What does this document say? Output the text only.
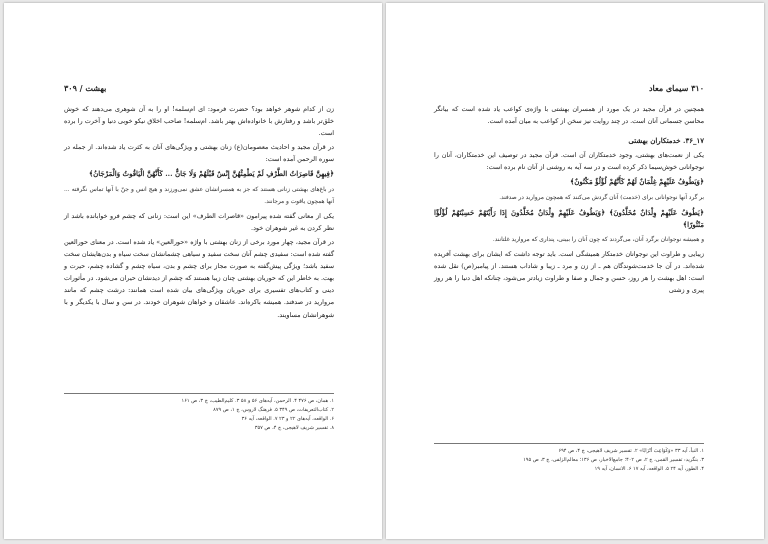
بهشت / ۳۰۹

زن از کدام شوهر خواهد بود؟ حضرت فرمود: ای ام‌سلمه! او را به آن شوهری می‌دهند که خوش خلق‌تر باشد و رفتارش با خانواده‌اش بهتر باشد. ام‌سلمه! صاحب اخلاق نیکو خوبی دنیا و آخرت را برده است.

در قرآن مجید و احادیث معصومان(ع) زنان بهشتی و ویژگی‌های آنان به کثرت یاد شده‌اند. از جمله در سوره الرحمن آمده است:

﴿فِيهِنَّ قَاصِرَاتُ الطَّرْفِ لَمْ يَطْمِثْهُنَّ إِنْسٌ قَبْلَهُمْ وَلَا جَانٌّ ... كَأَنَّهُنَّ الْيَاقُوتُ وَالْمَرْجَانُ﴾

در باغ‌های بهشتی زنانی هستند که جز به همسرانشان عشق نمی‌ورزند و هیچ انس و جنّ با آنها تماس نگرفته ... آنها همچون یاقوت و مرجانند.

یکی از معانی گفته شده پیرامون «قاصرات الطرف» این است: زنانی که چشم فرو خوابانده باشد از نظر کردن به غیر شوهران خود.

در قرآن مجید، چهار مورد برخی از زنان بهشتی با واژه «حورالعین» یاد شده است. در معنای حورالعین گفته شده است: سفیدی چشم آنان سخت سفید و سیاهی چشمانشان سخت سیاه و بدن‌هایشان سخت سفید باشد؛ ویژگی پیش‌گفته به صورت مجاز برای چشم و بدن، سیاه چشم و گشاده چشم، حیرت و بهت. به خاطر این که حوریان بهشتی چنان زیبا هستند که چشم از دیدنشان حیران می‌شود. در مأثورات دینی و کتاب‌های تفسیری برای حوریان ویژگی‌های بیان شده است همانند: درشت چشم که مانند مروارید در صدفند. همیشه باکره‌اند. عاشقان و خواهان شوهران خودند. در سن و سال با یکدیگر و با شوهرانشان مساویند.

۱. همان، ص ۴۷۶ ۴. الرحمن، آیه‌های ۵۶ و ۵۸ ۳. کلیم‌الطیب، ج ۳، ص ۱۶۱
۲. کتاب‌التعریفات، ص ۳۴۹ ۵. فرهنگ لاروس، ج ۱، ص ۸۷۹
۶. الواقعه، آیه‌های ۲۲ و ۲۳ ۷. الواقعه، آیه ۳۶
۸. تفسیر شریف لاهیجی، ج ۴، ص ۳۵۷
۳۱۰ سیمای معاد

همچنین در قرآن مجید در یک مورد از همسران بهشتی با واژه‌ی کواعب یاد شده است که بیانگر محاسن جسمانی آنان است. در چند روایت نیز سخن از کواعب به میان آمده است.

۱۷_۳۶. خدمتکاران بهشتی

یکی از نعمت‌های بهشتی، وجود خدمتکاران آن است. قرآن مجید در توصیف این خدمتکاران، آنان را نوجوانانی خوش‌سیما ذکر کرده است و در سه آیه به روشنی از آنان نام برده است:

﴿وَيَطُوفُ عَلَيْهِمْ غِلْمَانٌ لَهُمْ كَأَنَّهُمْ لُؤْلُؤٌ مَكْنُونٌ﴾

بر گرد آنها نوجوانانی برای (خدمت) آنان گردش می‌کنند که همچون مروارید در صدفند.

﴿يَطُوفُ عَلَيْهِمْ وِلْدَانٌ مُخَلَّدُونَ﴾ ﴿وَيَطُوفُ عَلَيْهِمْ وِلْدَانٌ مُخَلَّدُونَ إِذَا رَأَيْتَهُمْ حَسِبْتَهُمْ لُؤْلُؤًا مَنْثُورًا﴾

و همیشه نوجوانان برگرد آنان، می‌گردند که چون آنان را ببینی، پنداری که مروارید غلتانند.

زیبایی و طراوت این نوجوانان خدمتکار همیشگی است. باید توجه داشت که ایشان برای بهشت آفریده شده‌اند. در آن جا خدمت‌شوندگان هم ـ از زن و مرد ـ زیبا و شاداب هستند. از پیامبر(ص) نقل شده است: اهل بهشت را هر روز، حسن و جمال و صفا و طراوت زیاد‌تر می‌شود، چنانکه اهل دنیا را هر روز پیری و زشتی

۱. النبأ، آیه ۳۳ «وَكَوَاعِبَ أَتْرَابًا» ۲. تفسیر شریف لاهیجی، ج ۴، ص ۶۹۴
۳. بنگرید: تفسیر القمی، ج ۲، ص ۴۰۲؛ جامع‌الاخبار، ص ۱۳۶؛ معالم‌الزلفی، ج ۳، ص ۱۹۵
۴. الطور، آیه ۲۴ ۵. الواقعه، آیه ۱۷ ۶. الانسان، آیه ۱۹
